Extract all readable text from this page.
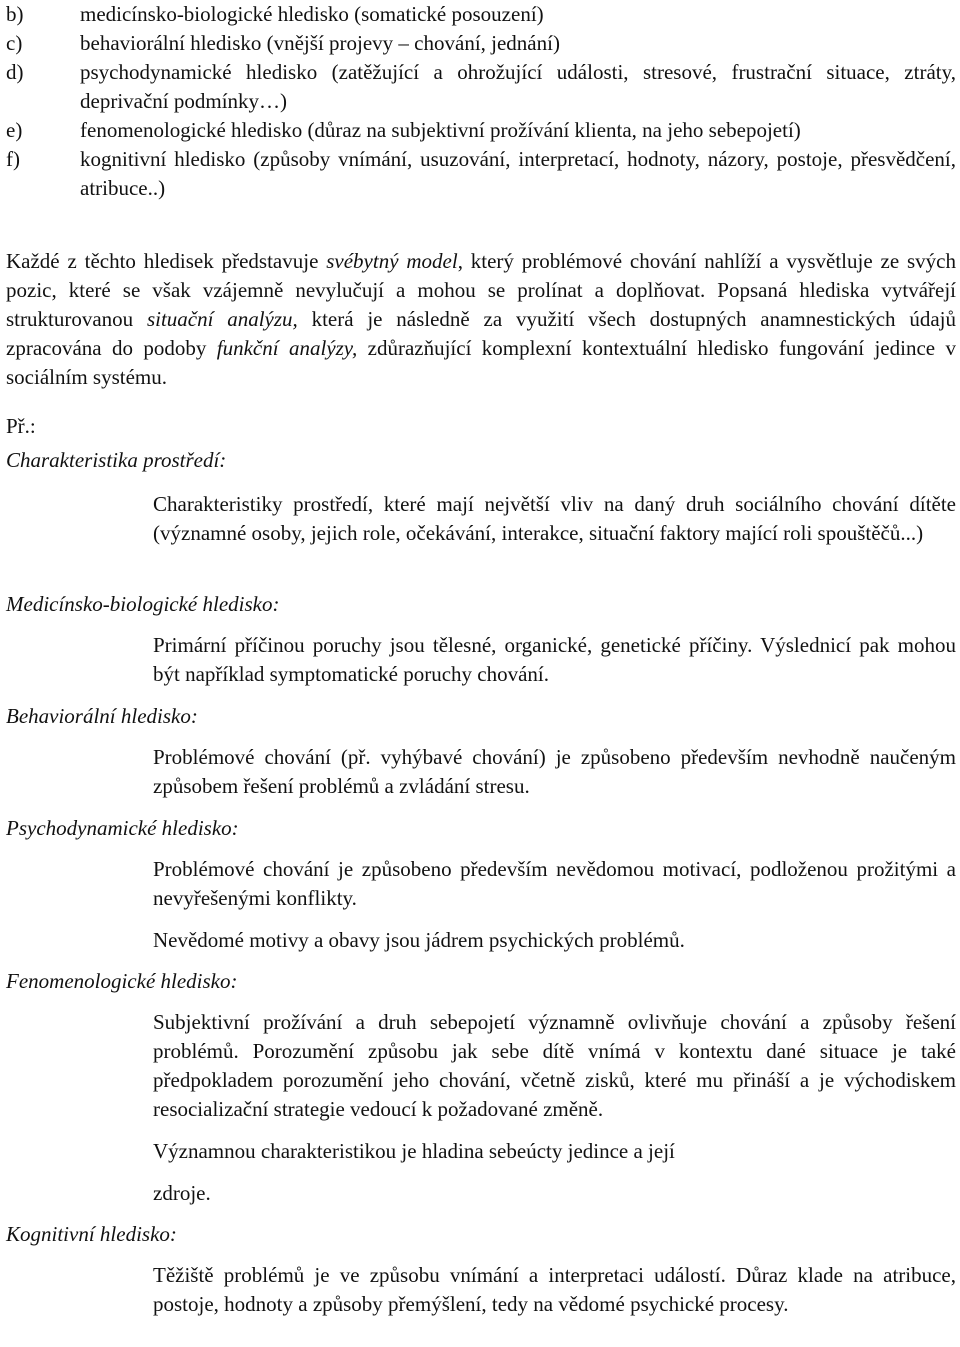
b)	medicínsko-biologické hledisko (somatické posouzení)
c)	behaviorální hledisko (vnější projevy – chování, jednání)
d)	psychodynamické hledisko (zatěžující a ohrožující události, stresové, frustrační situace, ztráty, deprivační podmínky…)
e)	fenomenologické hledisko (důraz na subjektivní prožívání klienta, na jeho sebepojetí)
f)	kognitivní hledisko (způsoby vnímání, usuzování, interpretací, hodnoty, názory, postoje, přesvědčení, atribuce..)

Každé z těchto hledisek představuje svébytný model, který problémové chování nahlíží a vysvětluje ze svých pozic, které se však vzájemně nevylučují a mohou se prolínat a doplňovat. Popsaná hlediska vytvářejí strukturovanou situační analýzu, která je následně za využití všech dostupných anamnestických údajů zpracována do podoby funkční analýzy, zdůrazňující komplexní kontextuální hledisko fungování jedince v sociálním systému.

Př.:

Charakteristika prostředí:

Charakteristiky prostředí, které mají největší vliv na daný druh sociálního chování dítěte (významné osoby, jejich role, očekávání, interakce, situační faktory mající roli spouštěčů...)

Medicínsko-biologické hledisko:

Primární příčinou poruchy jsou tělesné, organické, genetické příčiny. Výslednicí pak mohou být například symptomatické poruchy chování.

Behaviorální hledisko:

Problémové chování (př. vyhýbavé chování) je způsobeno především nevhodně naučeným způsobem řešení problémů a zvládání stresu.

Psychodynamické hledisko:

Problémové chování je způsobeno především nevědomou motivací, podloženou prožitými a nevyřešenými konflikty.

Nevědomé motivy a obavy jsou jádrem psychických problémů.

Fenomenologické hledisko:

Subjektivní prožívání a druh sebepojetí významně ovlivňuje chování a způsoby řešení problémů. Porozumění způsobu jak sebe dítě vnímá v kontextu dané situace je také předpokladem porozumění jeho chování, včetně zisků, které mu přináší a je východiskem resocializační strategie vedoucí k požadované změně.

Významnou charakteristikou je hladina sebeúcty jedince a její

zdroje.

Kognitivní hledisko:

Těžiště problémů je ve způsobu vnímání a interpretaci událostí. Důraz klade na atribuce, postoje, hodnoty a způsoby přemýšlení, tedy na vědomé psychické procesy.
